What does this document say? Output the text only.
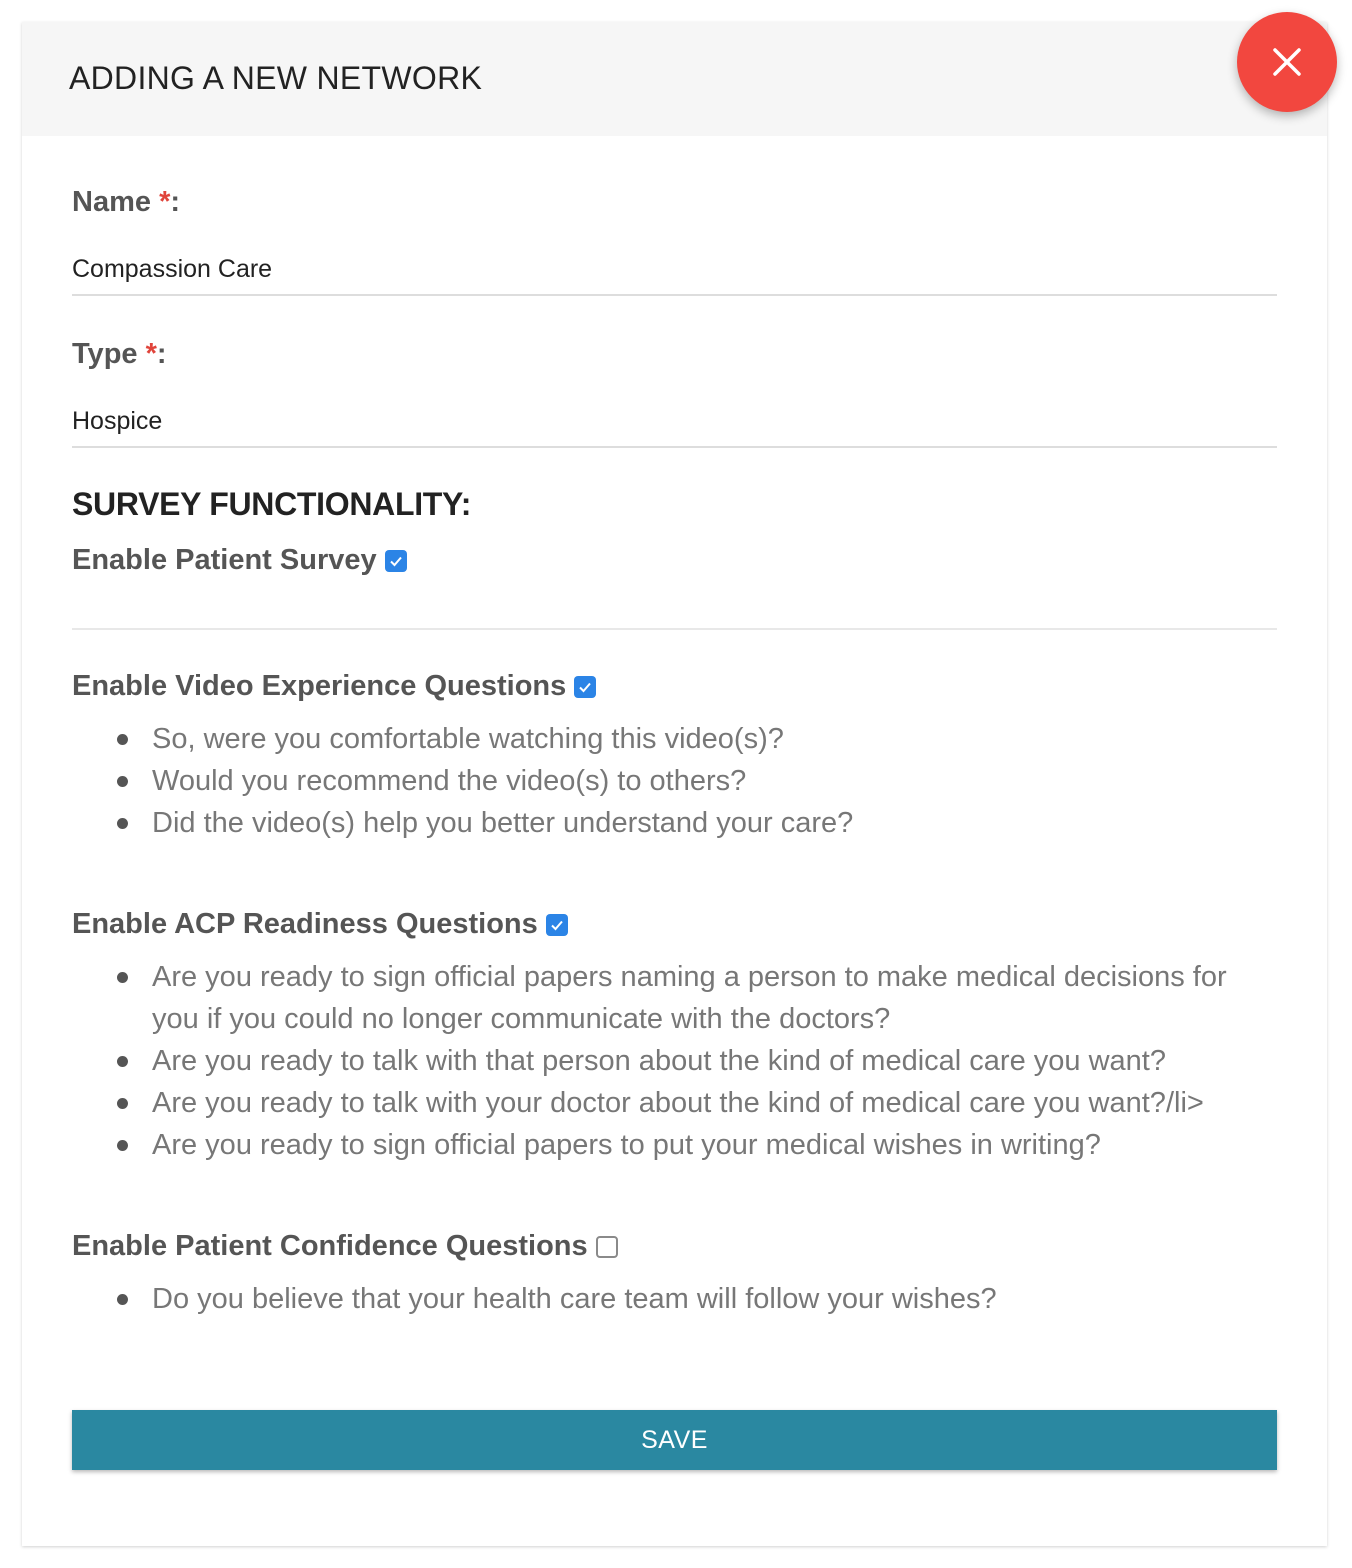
ADDING A NEW NETWORK
Name *:
Compassion Care
Type *:
Hospice
SURVEY FUNCTIONALITY:
Enable Patient Survey
Enable Video Experience Questions
So, were you comfortable watching this video(s)?
Would you recommend the video(s) to others?
Did the video(s) help you better understand your care?
Enable ACP Readiness Questions
Are you ready to sign official papers naming a person to make medical decisions for you if you could no longer communicate with the doctors?
Are you ready to talk with that person about the kind of medical care you want?
Are you ready to talk with your doctor about the kind of medical care you want?/li>
Are you ready to sign official papers to put your medical wishes in writing?
Enable Patient Confidence Questions
Do you believe that your health care team will follow your wishes?
SAVE
